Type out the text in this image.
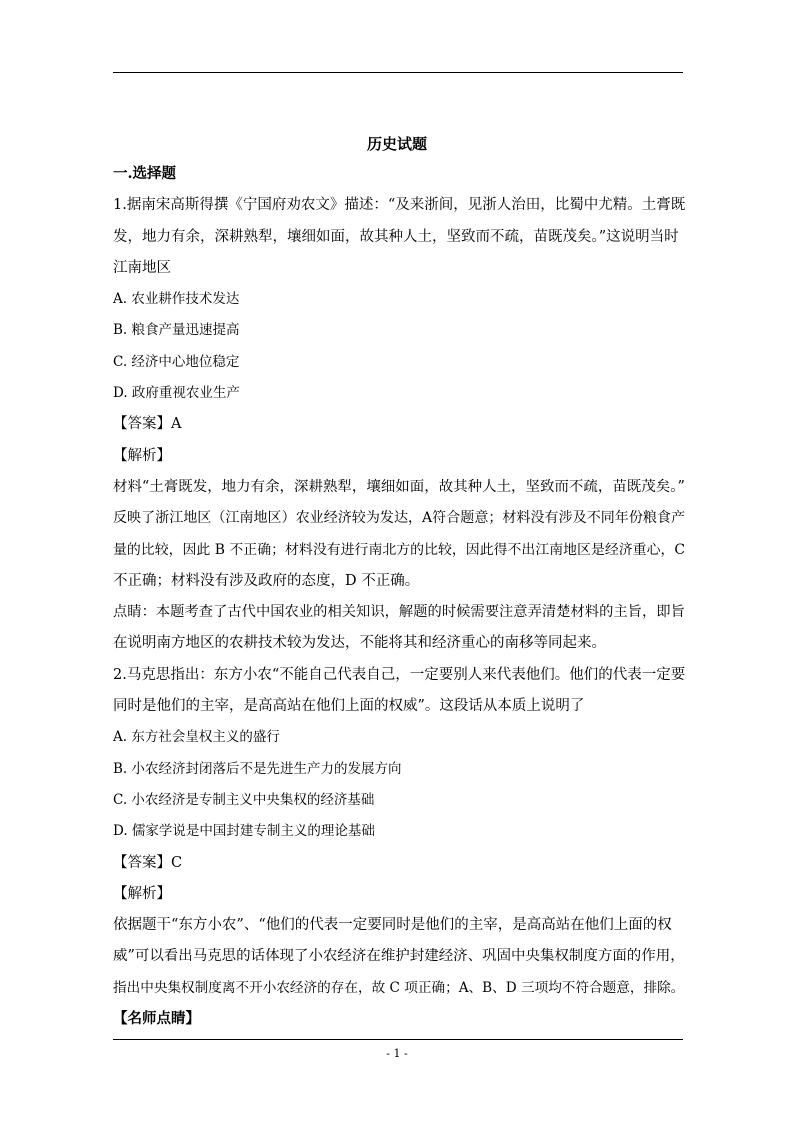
历史试题
一.选择题
1.据南宋高斯得撰《宁国府劝农文》描述：“及来浙间，见浙人治田，比蜀中尤精。土膏既
发，地力有余，深耕熟犁，壤细如面，故其种人土，坚致而不疏，苗既茂矣。”这说明当时
江南地区
A. 农业耕作技术发达
B. 粮食产量迅速提高
C. 经济中心地位稳定
D. 政府重视农业生产
【答案】A
【解析】
材料“土膏既发，地力有余，深耕熟犁，壤细如面，故其种人土，坚致而不疏，苗既茂矣。”
反映了浙江地区（江南地区）农业经济较为发达，A符合题意；材料没有涉及不同年份粮食产
量的比较，因此 B 不正确；材料没有进行南北方的比较，因此得不出江南地区是经济重心，C
不正确；材料没有涉及政府的态度，D 不正确。
点睛：本题考查了古代中国农业的相关知识，解题的时候需要注意弄清楚材料的主旨，即旨
在说明南方地区的农耕技术较为发达，不能将其和经济重心的南移等同起来。
2.马克思指出：东方小农“不能自己代表自己，一定要别人来代表他们。他们的代表一定要
同时是他们的主宰，是高高站在他们上面的权威”。这段话从本质上说明了
A. 东方社会皇权主义的盛行
B. 小农经济封闭落后不是先进生产力的发展方向
C. 小农经济是专制主义中央集权的经济基础
D. 儒家学说是中国封建专制主义的理论基础
【答案】C
【解析】
依据题干“东方小农”、“他们的代表一定要同时是他们的主宰，是高高站在他们上面的权
威”可以看出马克思的话体现了小农经济在维护封建经济、巩固中央集权制度方面的作用，
指出中央集权制度离不开小农经济的存在，故 C 项正确；A、B、D 三项均不符合题意，排除。
【名师点睛】
- 1 -
